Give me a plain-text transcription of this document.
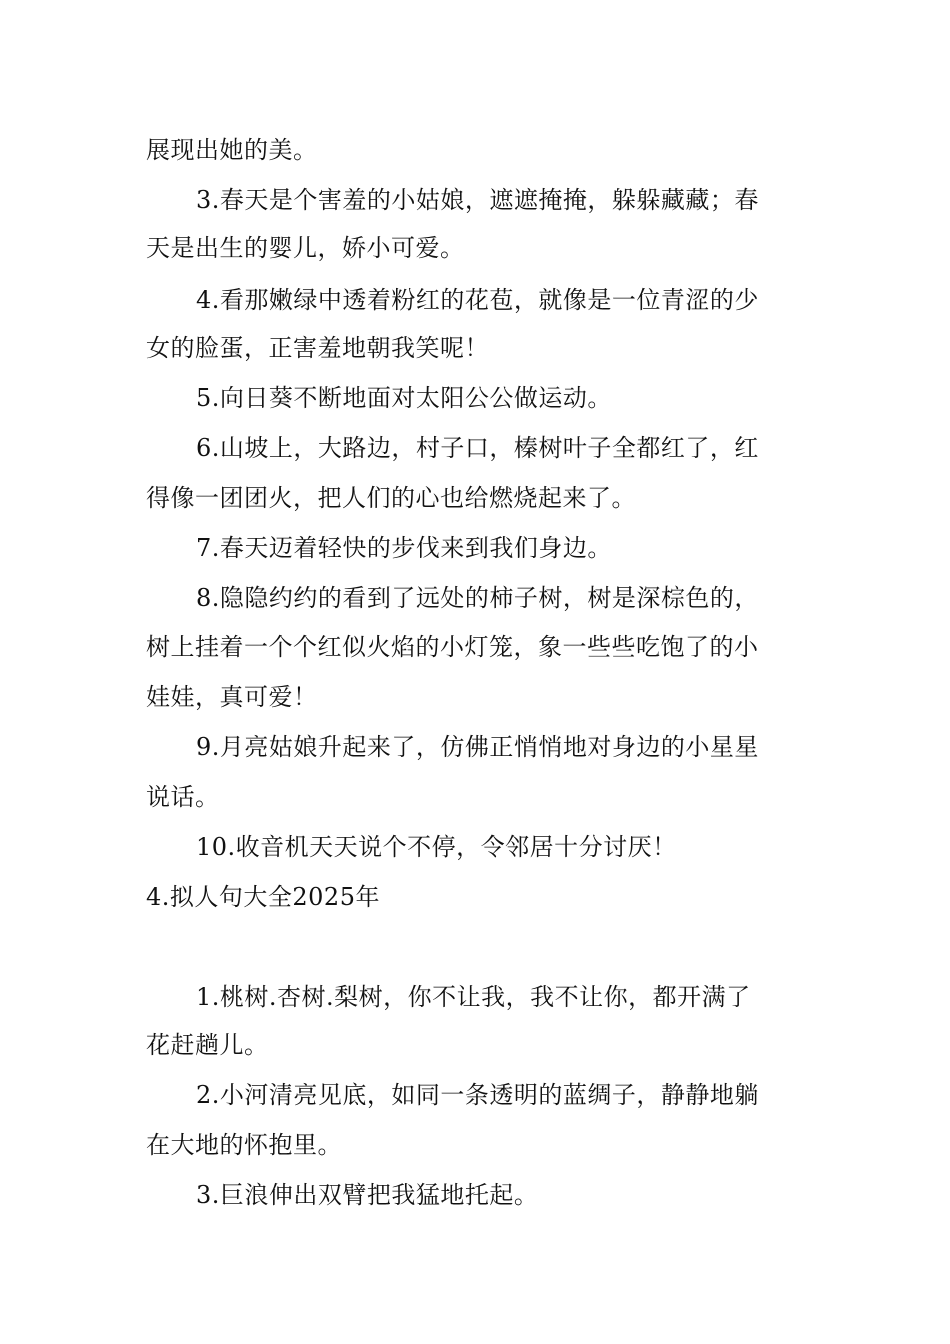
展现出她的美。
3.春天是个害羞的小姑娘，遮遮掩掩，躲躲藏藏；春
天是出生的婴儿，娇小可爱。
4.看那嫩绿中透着粉红的花苞，就像是一位青涩的少
女的脸蛋，正害羞地朝我笑呢！
5.向日葵不断地面对太阳公公做运动。
6.山坡上，大路边，村子口，榛树叶子全都红了，红
得像一团团火，把人们的心也给燃烧起来了。
7.春天迈着轻快的步伐来到我们身边。
8.隐隐约约的看到了远处的柿子树，树是深棕色的，
树上挂着一个个红似火焰的小灯笼，象一些些吃饱了的小
娃娃，真可爱！
9.月亮姑娘升起来了，仿佛正悄悄地对身边的小星星
说话。
10.收音机天天说个不停，令邻居十分讨厌！
4.拟人句大全2025年
1.桃树.杏树.梨树，你不让我，我不让你，都开满了
花赶趟儿。
2.小河清亮见底，如同一条透明的蓝绸子，静静地躺
在大地的怀抱里。
3.巨浪伸出双臂把我猛地托起。
